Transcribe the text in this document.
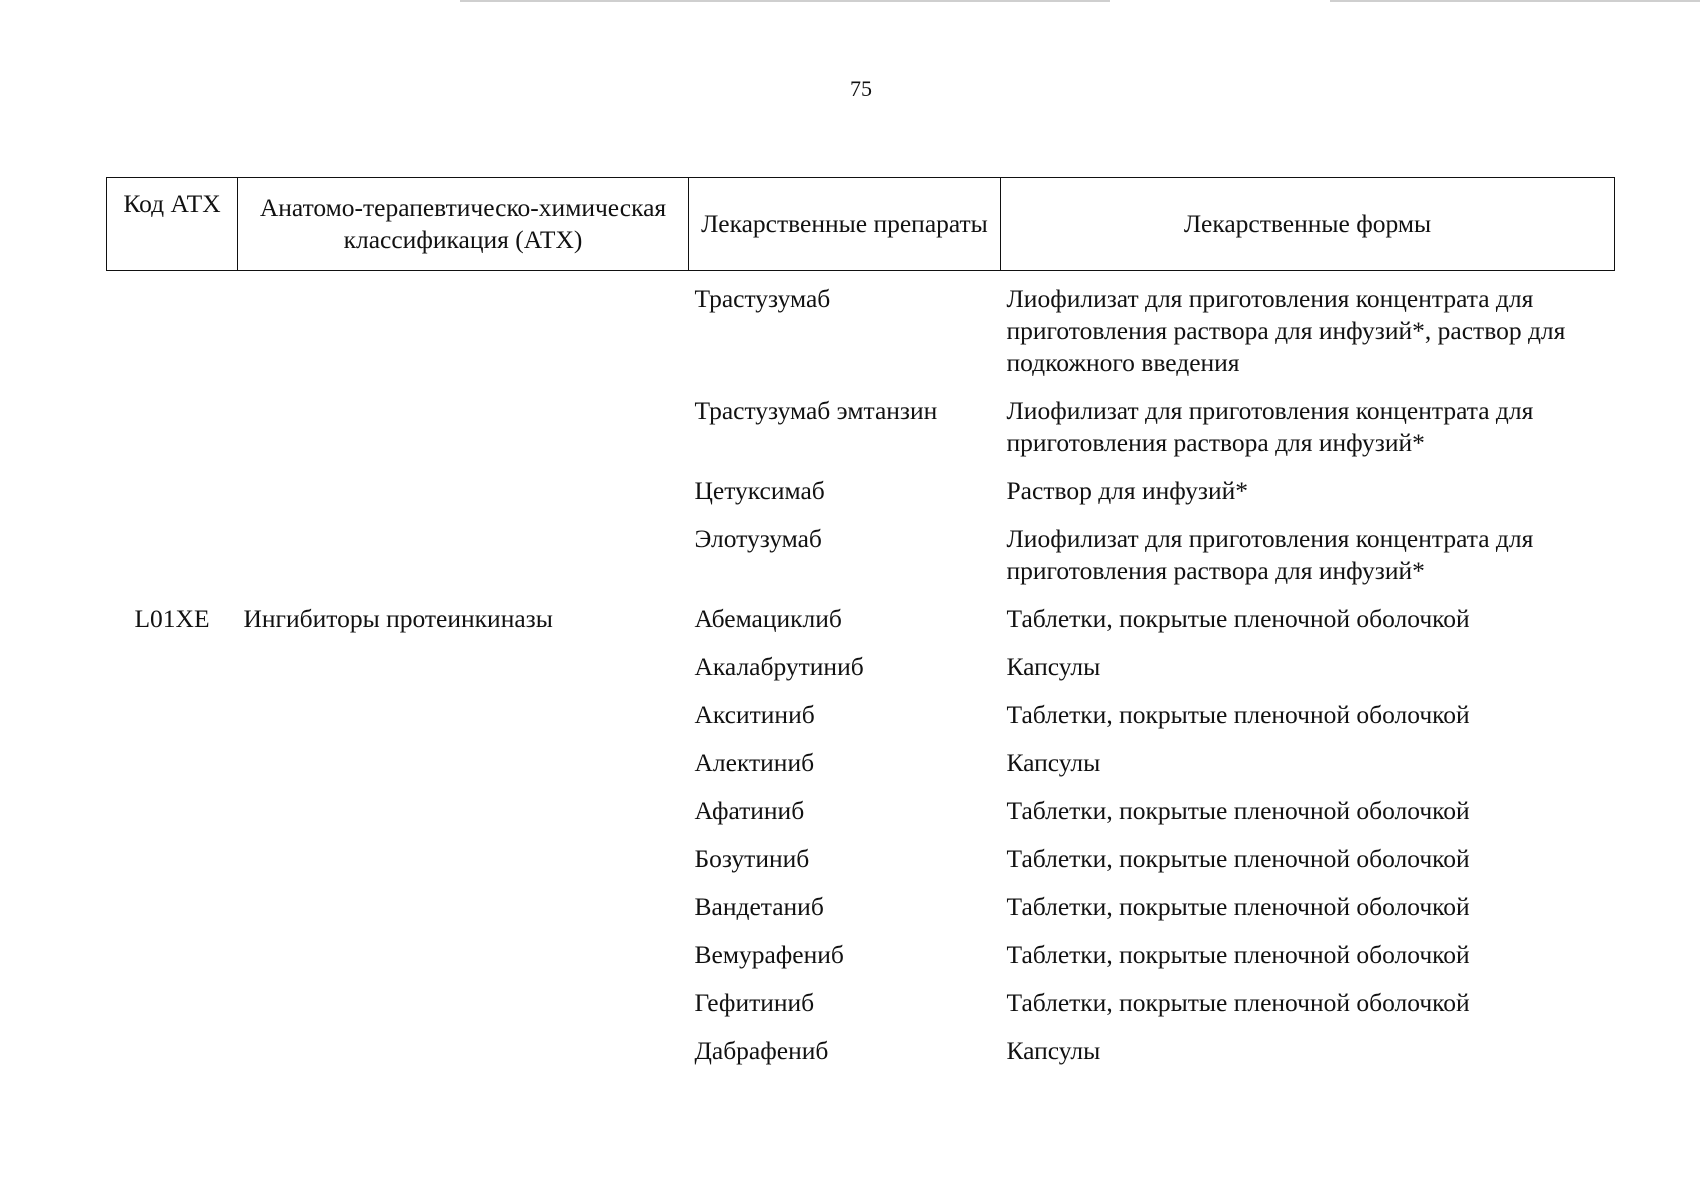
75
Код АТХ	Анатомо-терапевтическо-химическая классификация (АТХ)	Лекарственные препараты	Лекарственные формы
		Трастузумаб	Лиофилизат для приготовления концентрата для приготовления раствора для инфузий*, раствор для подкожного введения
		Трастузумаб эмтанзин	Лиофилизат для приготовления концентрата для приготовления раствора для инфузий*
		Цетуксимаб	Раствор для инфузий*
		Элотузумаб	Лиофилизат для приготовления концентрата для приготовления раствора для инфузий*
L01XE	Ингибиторы протеинкиназы	Абемациклиб	Таблетки, покрытые пленочной оболочкой
		Акалабрутиниб	Капсулы
		Акситиниб	Таблетки, покрытые пленочной оболочкой
		Алектиниб	Капсулы
		Афатиниб	Таблетки, покрытые пленочной оболочкой
		Бозутиниб	Таблетки, покрытые пленочной оболочкой
		Вандетаниб	Таблетки, покрытые пленочной оболочкой
		Вемурафениб	Таблетки, покрытые пленочной оболочкой
		Гефитиниб	Таблетки, покрытые пленочной оболочкой
		Дабрафениб	Капсулы
